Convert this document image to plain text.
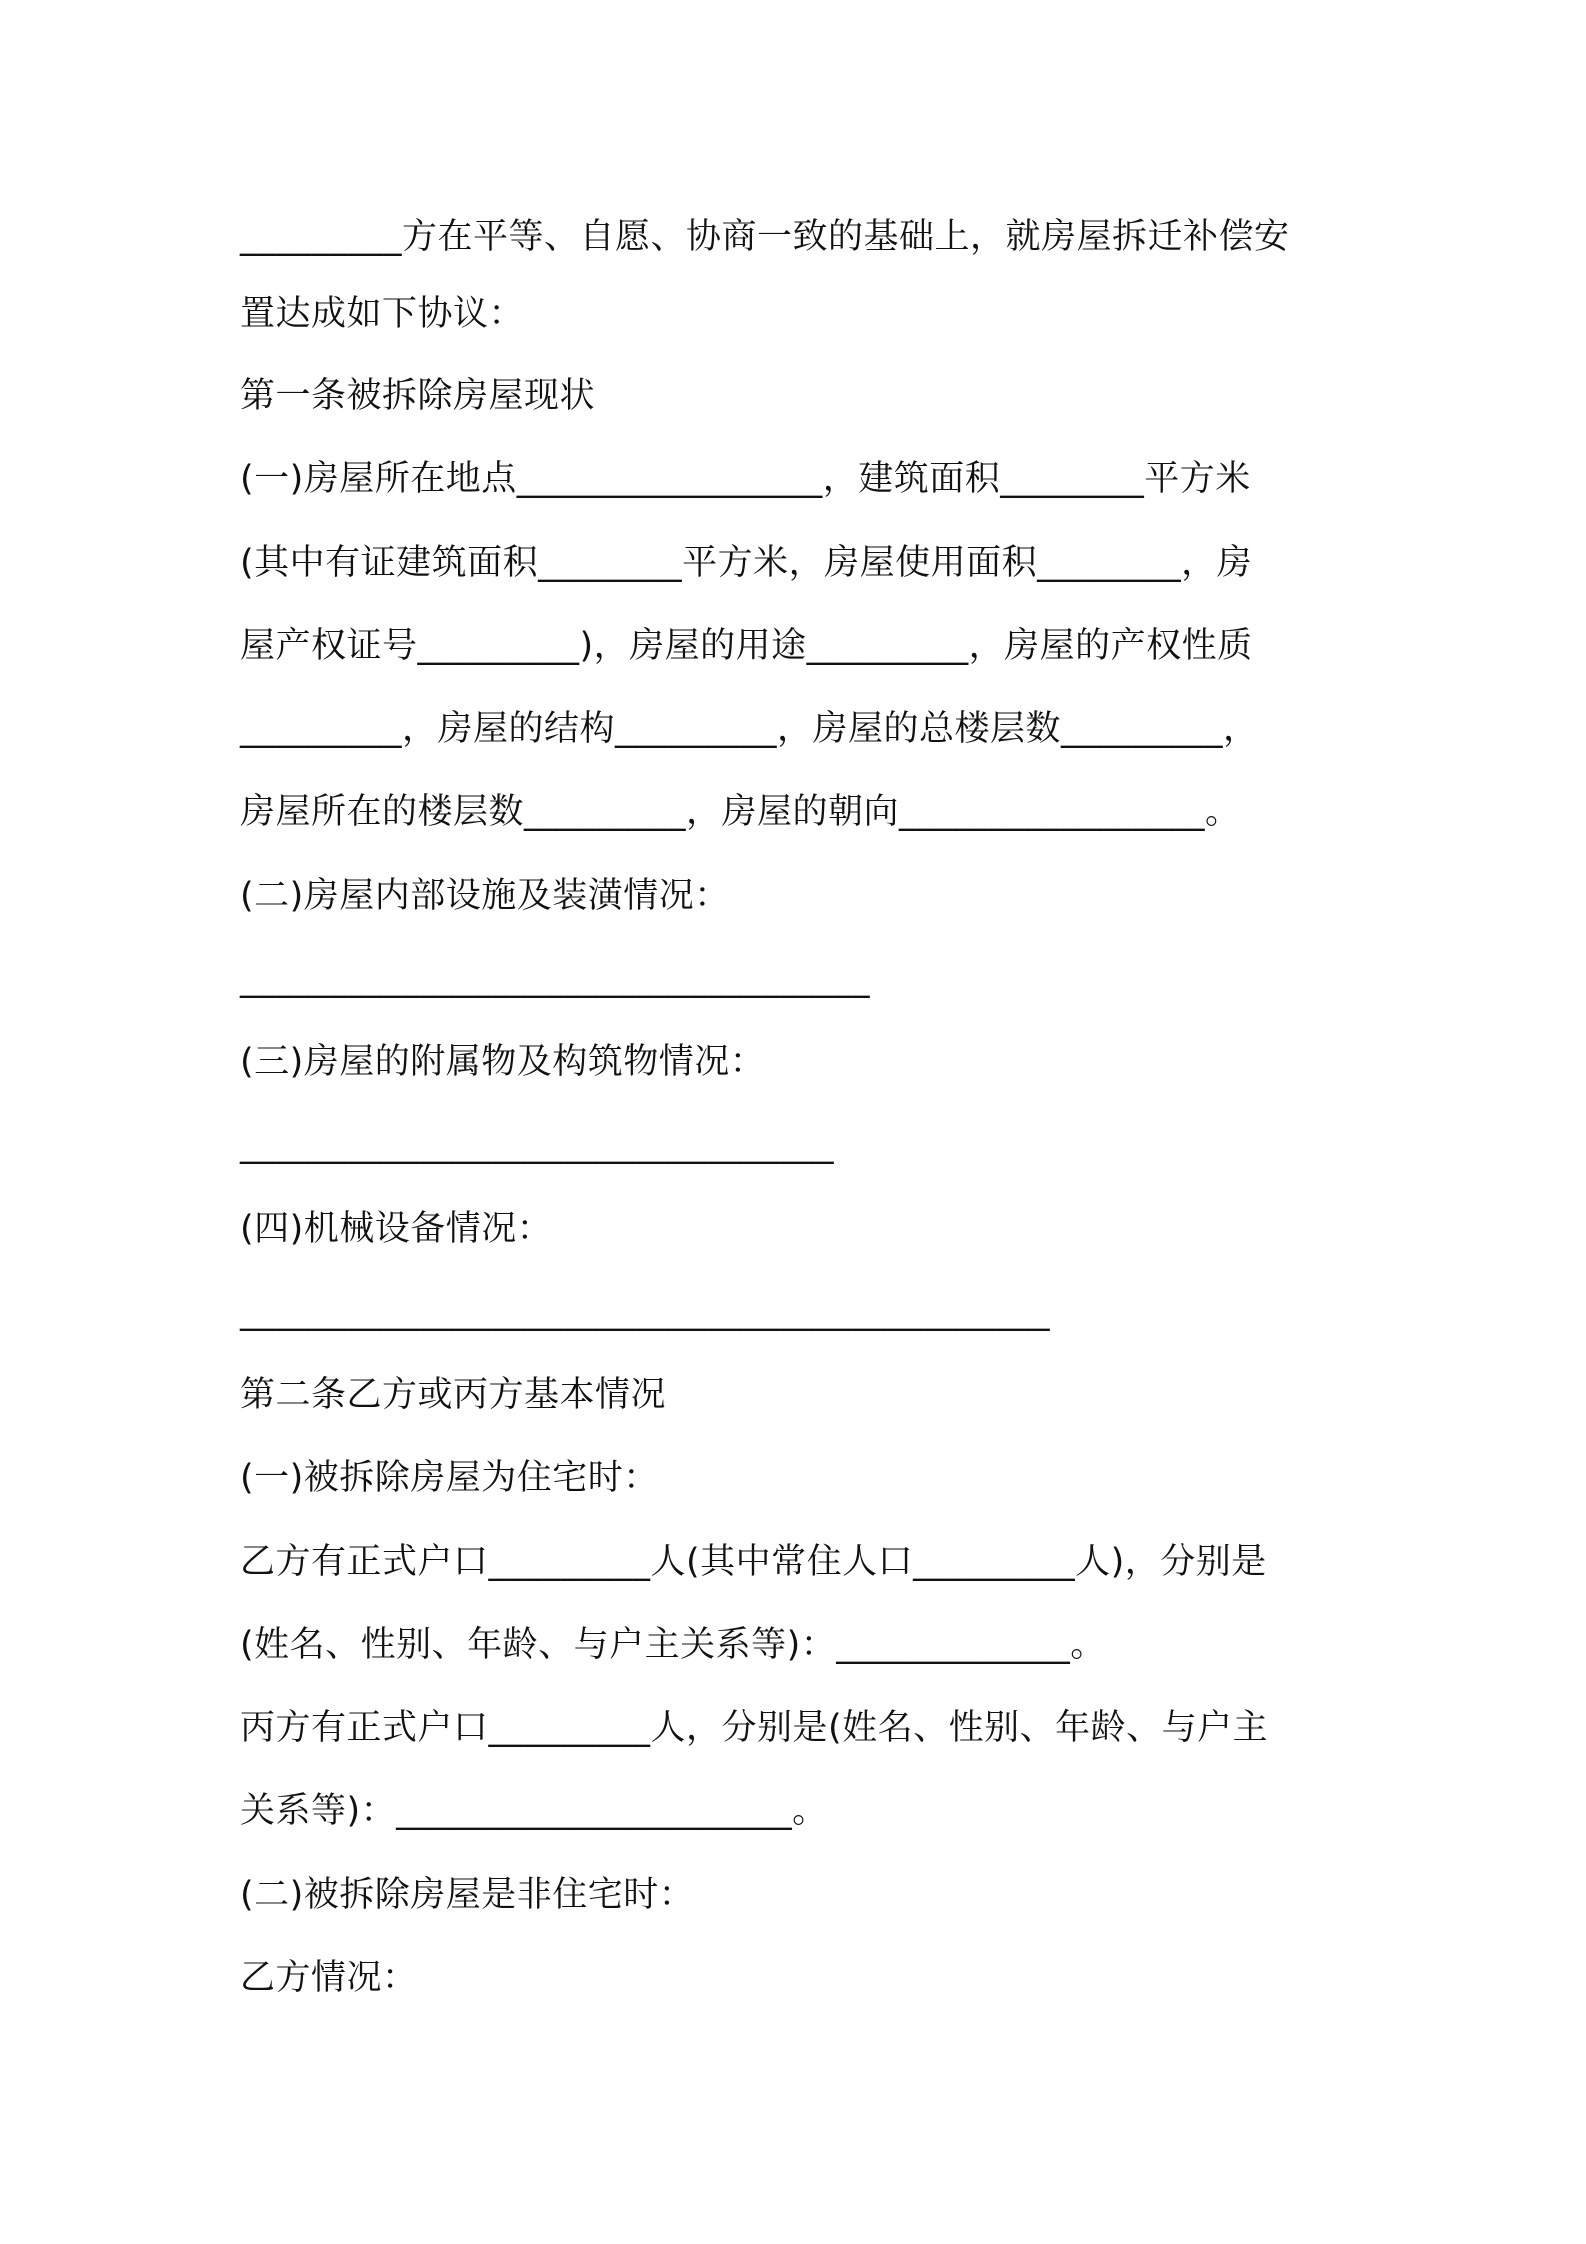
_________方在平等、自愿、协商一致的基础上，就房屋拆迁补偿安
置达成如下协议：
第一条被拆除房屋现状
(一)房屋所在地点_________________，建筑面积________平方米
(其中有证建筑面积________平方米，房屋使用面积________，房
屋产权证号_________)，房屋的用途_________，房屋的产权性质
_________，房屋的结构_________，房屋的总楼层数_________，
房屋所在的楼层数_________，房屋的朝向_________________。
(二)房屋内部设施及装潢情况：
___________________________________
(三)房屋的附属物及构筑物情况：
_________________________________
(四)机械设备情况：
_____________________________________________
第二条乙方或丙方基本情况
(一)被拆除房屋为住宅时：
乙方有正式户口_________人(其中常住人口_________人)，分别是
(姓名、性别、年龄、与户主关系等)：_____________。
丙方有正式户口_________人，分别是(姓名、性别、年龄、与户主
关系等)：______________________。
(二)被拆除房屋是非住宅时：
乙方情况：
